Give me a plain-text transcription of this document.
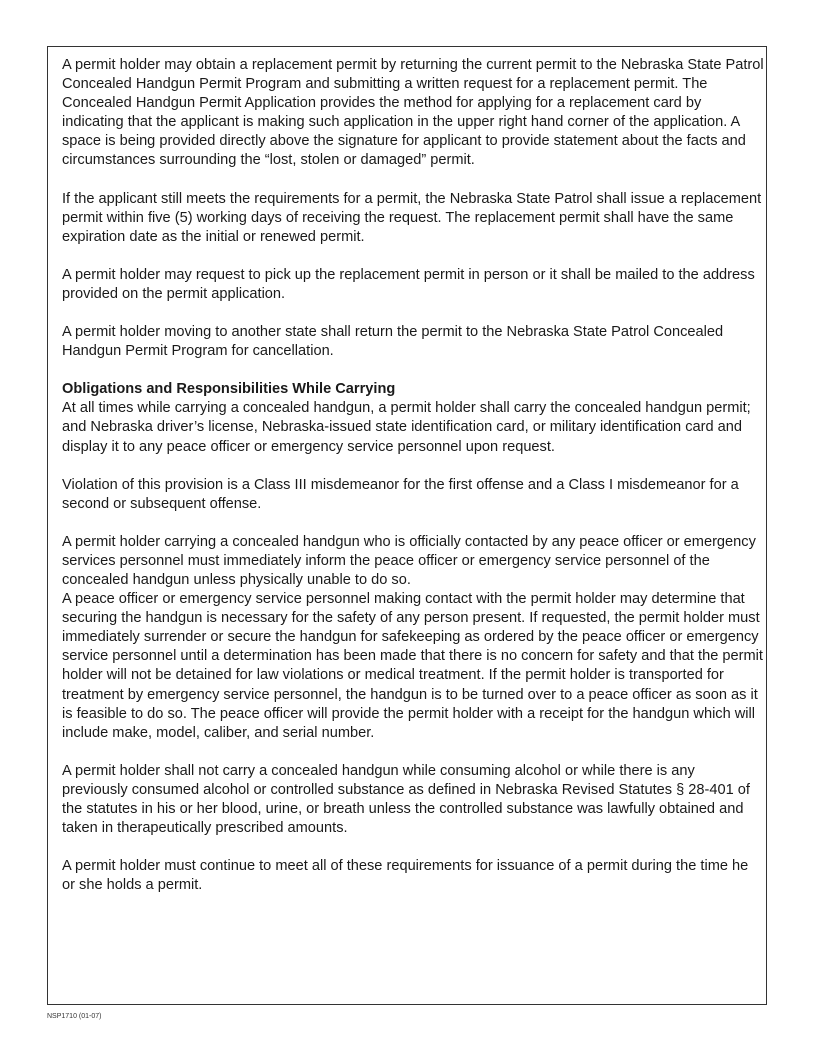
A permit holder may obtain a replacement permit by returning the current permit to the Nebraska State Patrol Concealed Handgun Permit Program and submitting a written request for a replacement permit. The Concealed Handgun Permit Application provides the method for applying for a replacement card by indicating that the applicant is making such application in the upper right hand corner of the application. A space is being provided directly above the signature for applicant to provide statement about the facts and circumstances surrounding the “lost, stolen or damaged” permit.

If the applicant still meets the requirements for a permit, the Nebraska State Patrol shall issue a replacement permit within five (5) working days of receiving the request. The replacement permit shall have the same expiration date as the initial or renewed permit.

A permit holder may request to pick up the replacement permit in person or it shall be mailed to the address provided on the permit application.

A permit holder moving to another state shall return the permit to the Nebraska State Patrol Concealed Handgun Permit Program for cancellation.

Obligations and Responsibilities While Carrying

At all times while carrying a concealed handgun, a permit holder shall carry the concealed handgun permit; and Nebraska driver’s license, Nebraska-issued state identification card, or military identification card and display it to any peace officer or emergency service personnel upon request.

Violation of this provision is a Class III misdemeanor for the first offense and a Class I misdemeanor for a second or subsequent offense.

A permit holder carrying a concealed handgun who is officially contacted by any peace officer or emergency services personnel must immediately inform the peace officer or emergency service personnel of the concealed handgun unless physically unable to do so.

A peace officer or emergency service personnel making contact with the permit holder may determine that securing the handgun is necessary for the safety of any person present. If requested, the permit holder must immediately surrender or secure the handgun for safekeeping as ordered by the peace officer or emergency service personnel until a determination has been made that there is no concern for safety and that the permit holder will not be detained for law violations or medical treatment. If the permit holder is transported for treatment by emergency service personnel, the handgun is to be turned over to a peace officer as soon as it is feasible to do so. The peace officer will provide the permit holder with a receipt for the handgun which will include make, model, caliber, and serial number.

A permit holder shall not carry a concealed handgun while consuming alcohol or while there is any previously consumed alcohol or controlled substance as defined in Nebraska Revised Statutes § 28-401 of the statutes in his or her blood, urine, or breath unless the controlled substance was lawfully obtained and taken in therapeutically prescribed amounts.

A permit holder must continue to meet all of these requirements for issuance of a permit during the time he or she holds a permit.

NSP1710 (01-07)
